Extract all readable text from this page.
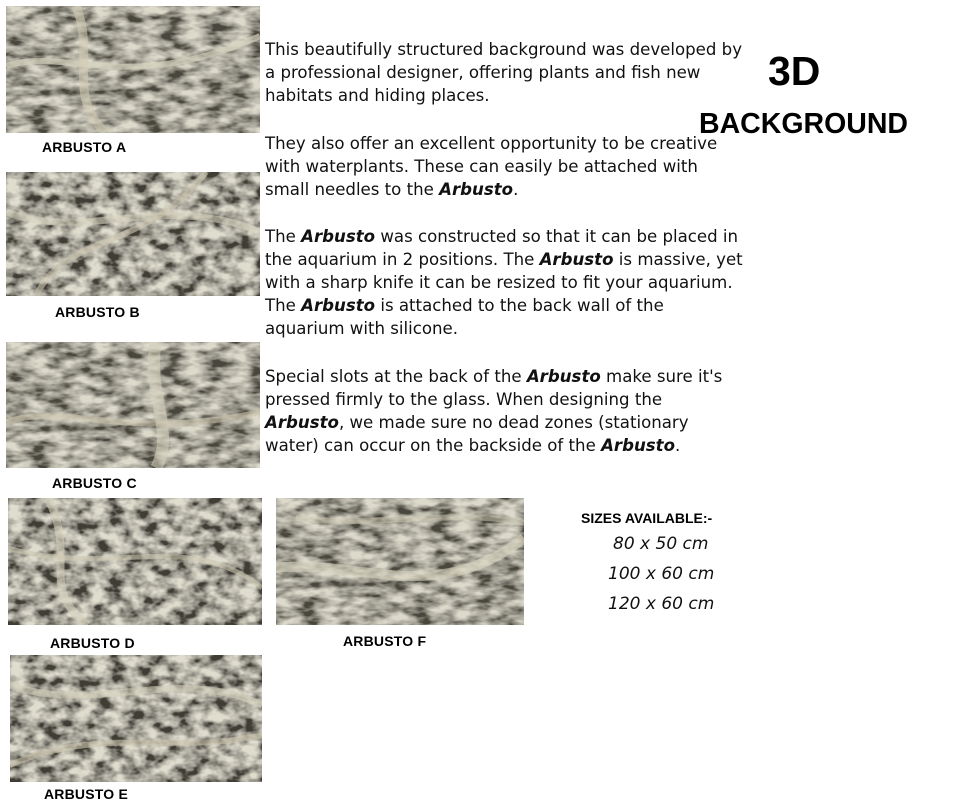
ARBUSTO A
ARBUSTO B
ARBUSTO C
ARBUSTO D	ARBUSTO F
ARBUSTO E
3D
BACKGROUND
This beautifully structured background was developed by a professional designer, offering plants and fish new habitats and hiding places.
They also offer an excellent opportunity to be creative with waterplants. These can easily be attached with small needles to the Arbusto.
The Arbusto was constructed so that it can be placed in the aquarium in 2 positions. The Arbusto is massive, yet with a sharp knife it can be resized to fit your aquarium. The Arbusto is attached to the back wall of the aquarium with silicone.
Special slots at the back of the Arbusto make sure it's pressed firmly to the glass. When designing the Arbusto, we made sure no dead zones (stationary water) can occur on the backside of the Arbusto.
SIZES AVAILABLE:-
80 x 50 cm
100 x 60 cm
120 x 60 cm
